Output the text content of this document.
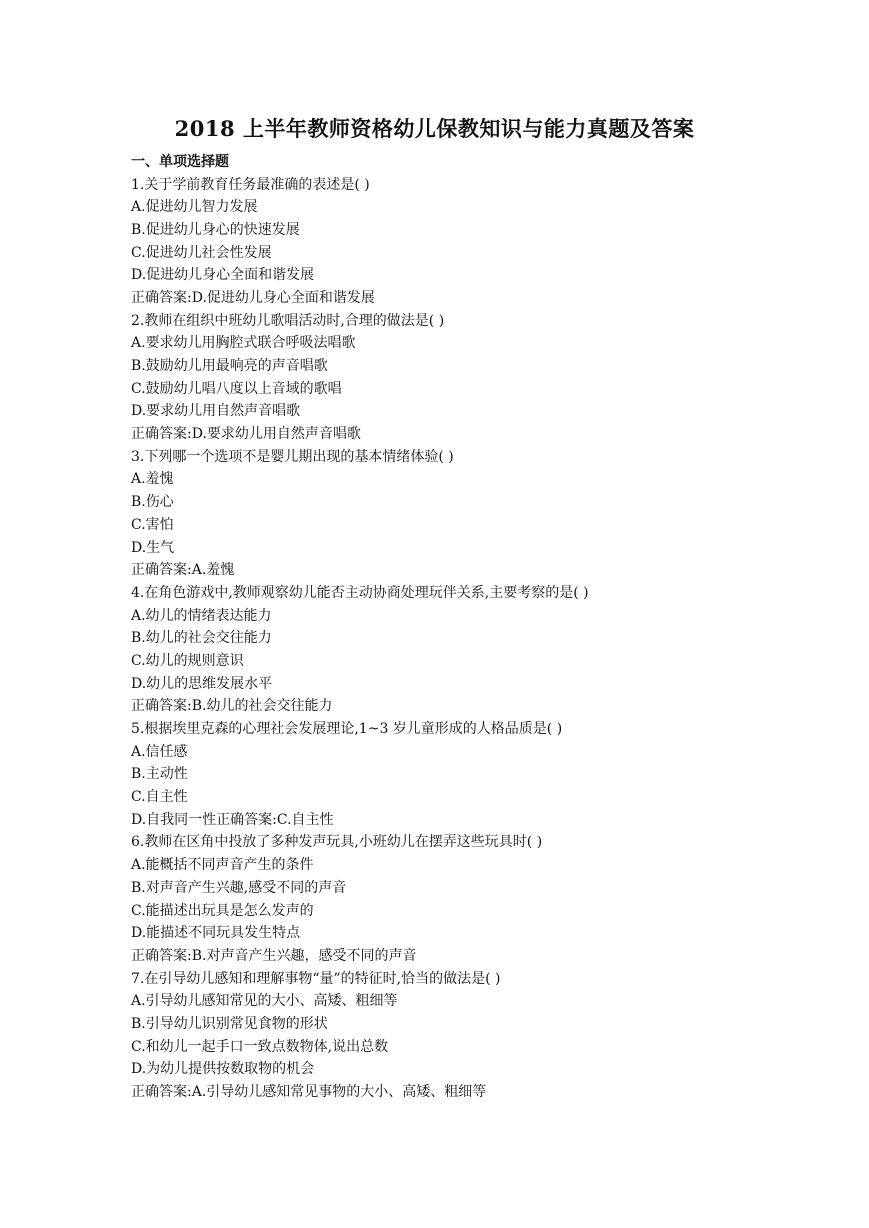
2018 上半年教师资格幼儿保教知识与能力真题及答案
一、单项选择题
1.关于学前教育任务最准确的表述是( )
A.促进幼儿智力发展
B.促进幼儿身心的快速发展
C.促进幼儿社会性发展
D.促进幼儿身心全面和谐发展
正确答案:D.促进幼儿身心全面和谐发展
2.教师在组织中班幼儿歌唱活动时,合理的做法是( )
A.要求幼儿用胸腔式联合呼吸法唱歌
B.鼓励幼儿用最响亮的声音唱歌
C.鼓励幼儿唱八度以上音域的歌唱
D.要求幼儿用自然声音唱歌
正确答案:D.要求幼儿用自然声音唱歌
3.下列哪一个选项不是婴儿期出现的基本情绪体验( )
A.羞愧
B.伤心
C.害怕
D.生气
正确答案:A.羞愧
4.在角色游戏中,教师观察幼儿能否主动协商处理玩伴关系,主要考察的是( )
A.幼儿的情绪表达能力
B.幼儿的社会交往能力
C.幼儿的规则意识
D.幼儿的思维发展水平
正确答案:B.幼儿的社会交往能力
5.根据埃里克森的心理社会发展理论,1~3 岁儿童形成的人格品质是( )
A.信任感
B.主动性
C.自主性
D.自我同一性正确答案:C.自主性
6.教师在区角中投放了多种发声玩具,小班幼儿在摆弄这些玩具时( )
A.能概括不同声音产生的条件
B.对声音产生兴趣,感受不同的声音
C.能描述出玩具是怎么发声的
D.能描述不同玩具发生特点
正确答案:B.对声音产生兴趣，感受不同的声音
7.在引导幼儿感知和理解事物“量”的特征时,恰当的做法是( )
A.引导幼儿感知常见的大小、高矮、粗细等
B.引导幼儿识别常见食物的形状
C.和幼儿一起手口一致点数物体,说出总数
D.为幼儿提供按数取物的机会
正确答案:A.引导幼儿感知常见事物的大小、高矮、粗细等
